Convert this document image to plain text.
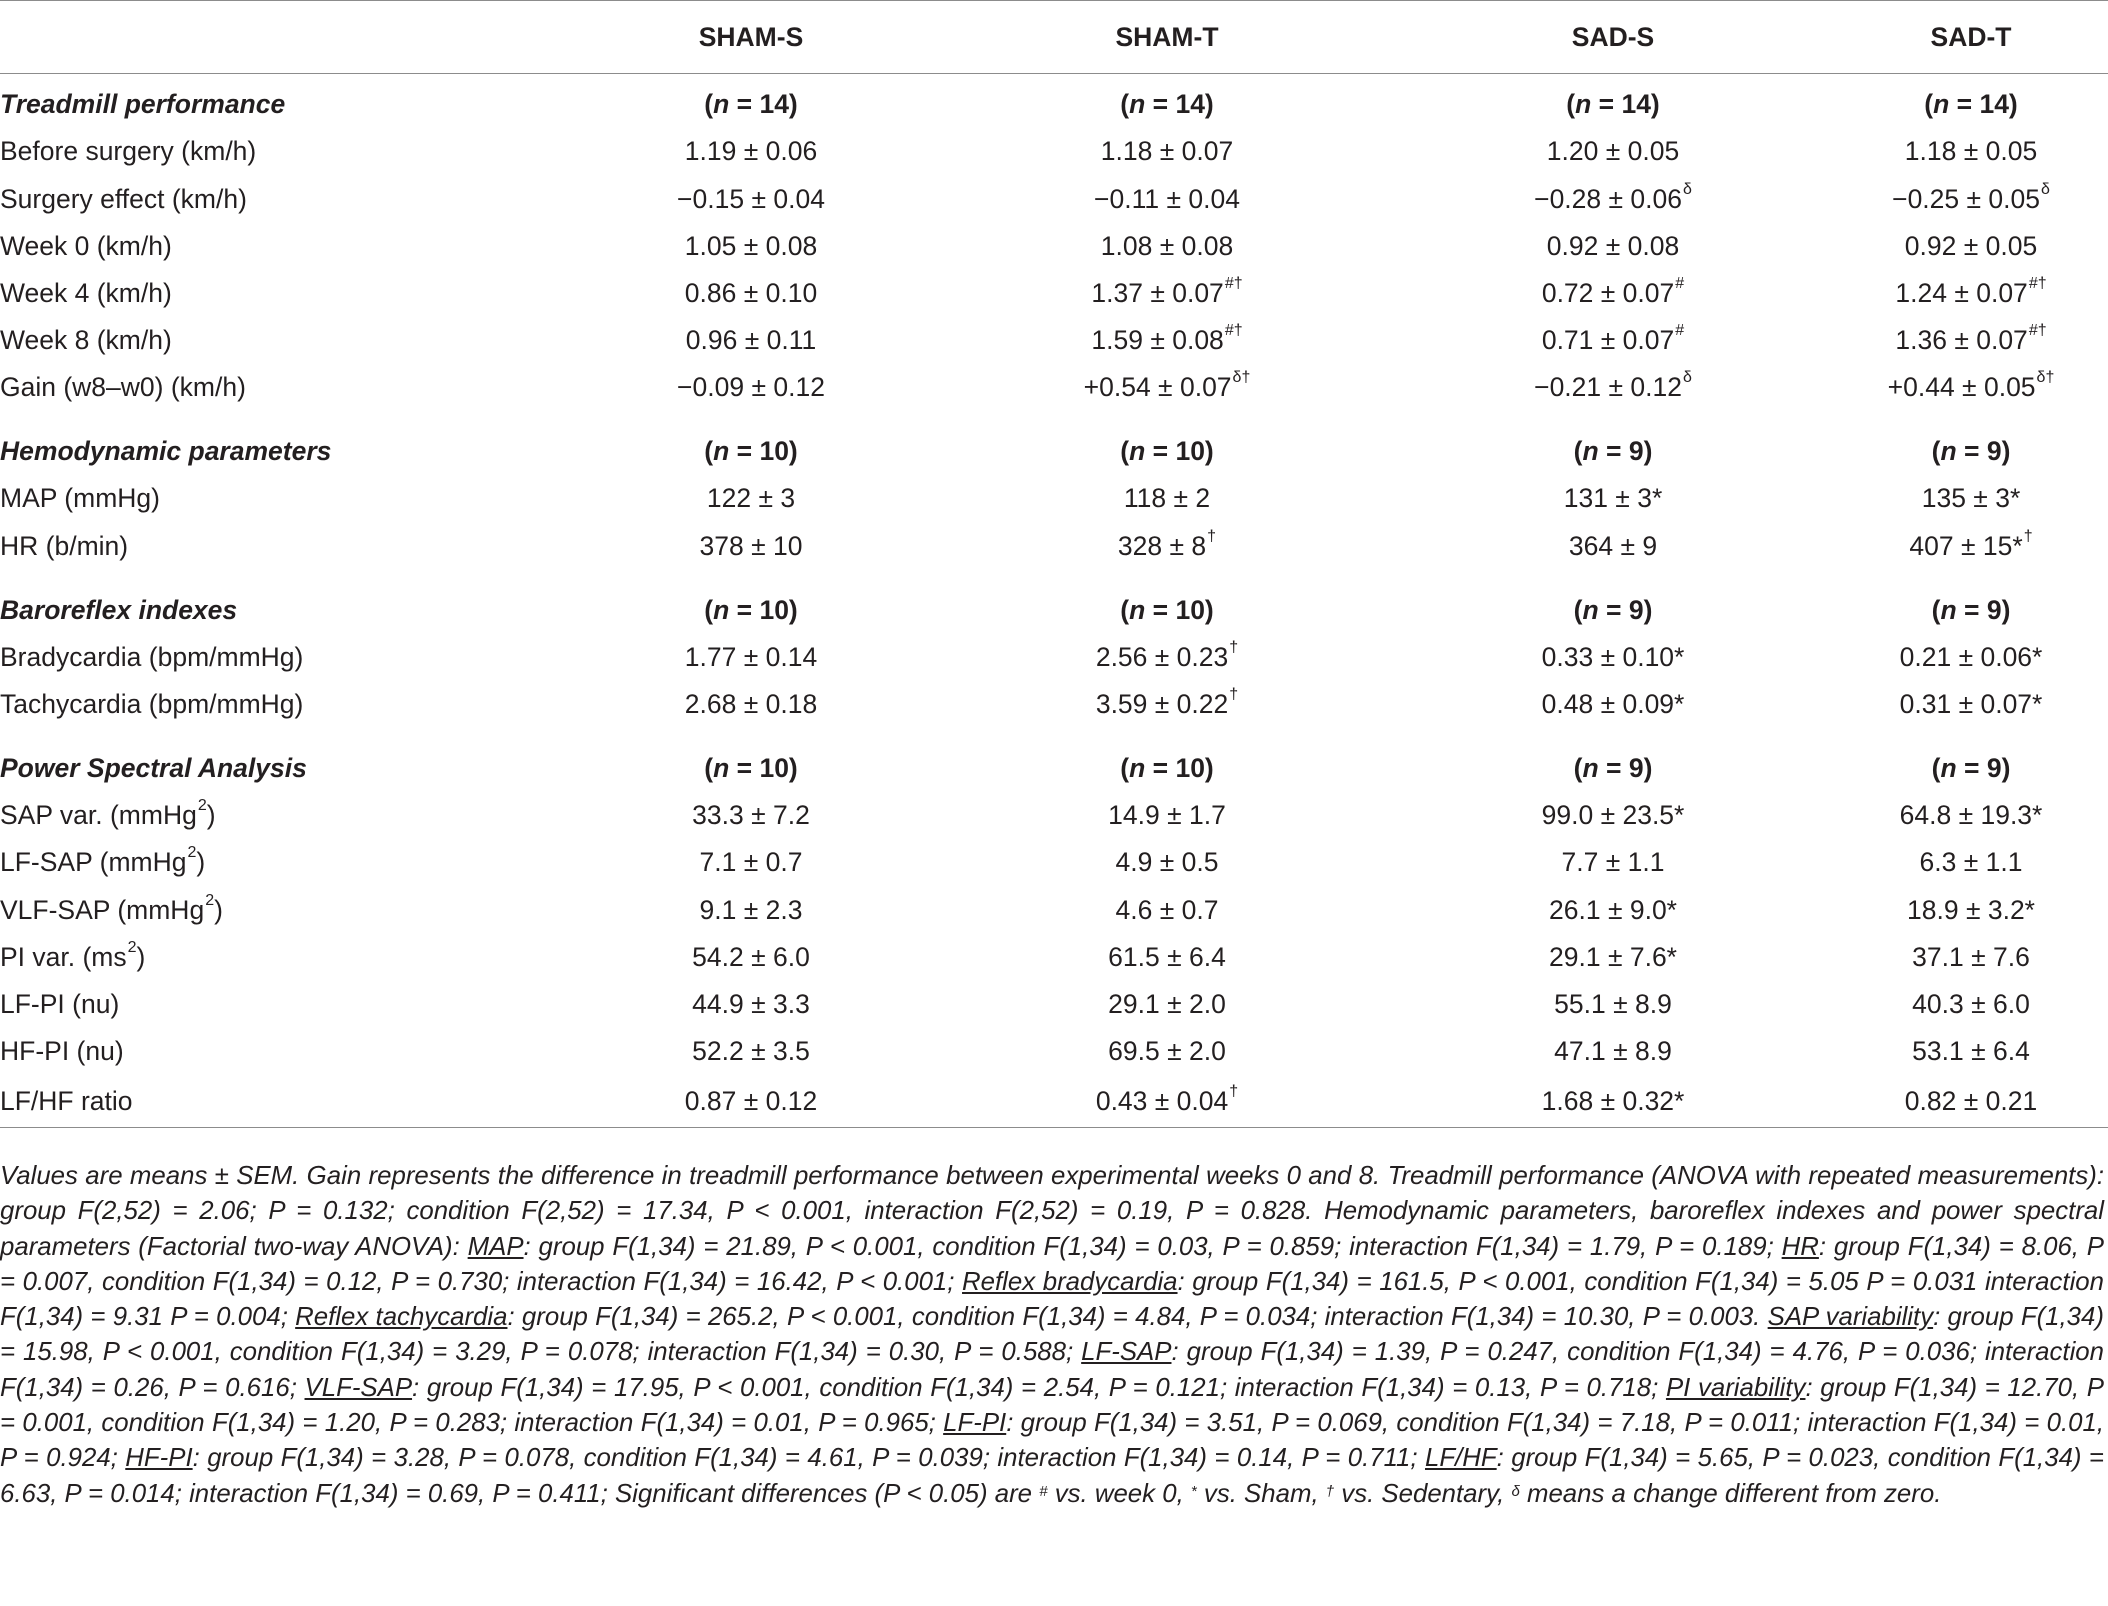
	SHAM-S	SHAM-T	SAD-S	SAD-T
Treadmill performance	(n = 14)	(n = 14)	(n = 14)	(n = 14)
Before surgery (km/h)	1.19 ± 0.06	1.18 ± 0.07	1.20 ± 0.05	1.18 ± 0.05
Surgery effect (km/h)	−0.15 ± 0.04	−0.11 ± 0.04	$-0.28 \pm 0.06^\delta$	$-0.25 \pm 0.05^\delta$
Week 0 (km/h)	1.05 ± 0.08	1.08 ± 0.08	0.92 ± 0.08	0.92 ± 0.05
Week 4 (km/h)	0.86 ± 0.10	1.37 ± 0.07#†	0.72 ± 0.07#	1.24 ± 0.07#†
Week 8 (km/h)	0.96 ± 0.11	1.59 ± 0.08#†	0.71 ± 0.07#	1.36 ± 0.07#†
Gain (w8–w0) (km/h)	−0.09 ± 0.12	$+0.54 \pm 0.07^{\delta\dagger}$	$-0.21 \pm 0.12^\delta$	$+0.44 \pm 0.05^{\delta\dagger}$
Hemodynamic parameters	(n = 10)	(n = 10)	(n = 9)	(n = 9)
MAP (mmHg)	122 ± 3	118 ± 2	131 ± 3*	135 ± 3*
HR (b/min)	378 ± 10	328 ± 8†	364 ± 9	407 ± 15*†
Baroreflex indexes	(n = 10)	(n = 10)	(n = 9)	(n = 9)
Bradycardia (bpm/mmHg)	1.77 ± 0.14	2.56 ± 0.23†	0.33 ± 0.10*	0.21 ± 0.06*
Tachycardia (bpm/mmHg)	2.68 ± 0.18	3.59 ± 0.22†	0.48 ± 0.09*	0.31 ± 0.07*
Power Spectral Analysis	(n = 10)	(n = 10)	(n = 9)	(n = 9)
SAP var. (mmHg$^2$)	33.3 ± 7.2	14.9 ± 1.7	99.0 ± 23.5*	64.8 ± 19.3*
LF-SAP (mmHg$^2$)	7.1 ± 0.7	4.9 ± 0.5	7.7 ± 1.1	6.3 ± 1.1
VLF-SAP (mmHg$^2$)	9.1 ± 2.3	4.6 ± 0.7	26.1 ± 9.0*	18.9 ± 3.2*
PI var. $(ms^2)$	54.2 ± 6.0	61.5 ± 6.4	29.1 ± 7.6*	37.1 ± 7.6
LF-PI (nu)	44.9 ± 3.3	29.1 ± 2.0	55.1 ± 8.9	40.3 ± 6.0
HF-PI (nu)	52.2 ± 3.5	69.5 ± 2.0	47.1 ± 8.9	53.1 ± 6.4
LF/HF ratio	0.87 ± 0.12	0.43 ± 0.04†	1.68 ± 0.32*	0.82 ± 0.21
Values are means ± SEM. Gain represents the difference in treadmill performance between experimental weeks 0 and 8. Treadmill performance (ANOVA with repeated measurements): group F(2,52) = 2.06; P = 0.132; condition F(2,52) = 17.34, P < 0.001, interaction F(2,52) = 0.19, P = 0.828. Hemodynamic parameters, baroreflex indexes and power spectral parameters (Factorial two-way ANOVA): MAP: group F(1,34) = 21.89, P < 0.001, condition F(1,34) = 0.03, P = 0.859; interaction F(1,34) = 1.79, P = 0.189; HR: group F(1,34) = 8.06, P = 0.007, condition F(1,34) = 0.12, P = 0.730; interaction F(1,34) = 16.42, P < 0.001; Reflex bradycardia: group F(1,34) = 161.5, P < 0.001, condition F(1,34) = 5.05 P = 0.031 interaction F(1,34) = 9.31 P = 0.004; Reflex tachycardia: group F(1,34) = 265.2, P < 0.001, condition F(1,34) = 4.84, P = 0.034; interaction F(1,34) = 10.30, P = 0.003. SAP variability: group F(1,34) = 15.98, P < 0.001, condition F(1,34) = 3.29, P = 0.078; interaction F(1,34) = 0.30, P = 0.588; LF-SAP: group F(1,34) = 1.39, P = 0.247, condition F(1,34) = 4.76, P = 0.036; interaction F(1,34) = 0.26, P = 0.616; VLF-SAP: group F(1,34) = 17.95, P < 0.001, condition F(1,34) = 2.54, P = 0.121; interaction F(1,34) = 0.13, P = 0.718; PI variability: group F(1,34) = 12.70, P = 0.001, condition F(1,34) = 1.20, P = 0.283; interaction F(1,34) = 0.01, P = 0.965; LF-PI: group F(1,34) = 3.51, P = 0.069, condition F(1,34) = 7.18, P = 0.011; interaction F(1,34) = 0.01, P = 0.924; HF-PI: group F(1,34) = 3.28, P = 0.078, condition F(1,34) = 4.61, P = 0.039; interaction F(1,34) = 0.14, P = 0.711; LF/HF: group F(1,34) = 5.65, P = 0.023, condition F(1,34) = 6.63, P = 0.014; interaction F(1,34) = 0.69, P = 0.411; Significant differences (P < 0.05) are # vs. week 0, * vs. Sham, † vs. Sedentary, $^\delta$ means a change different from zero.
